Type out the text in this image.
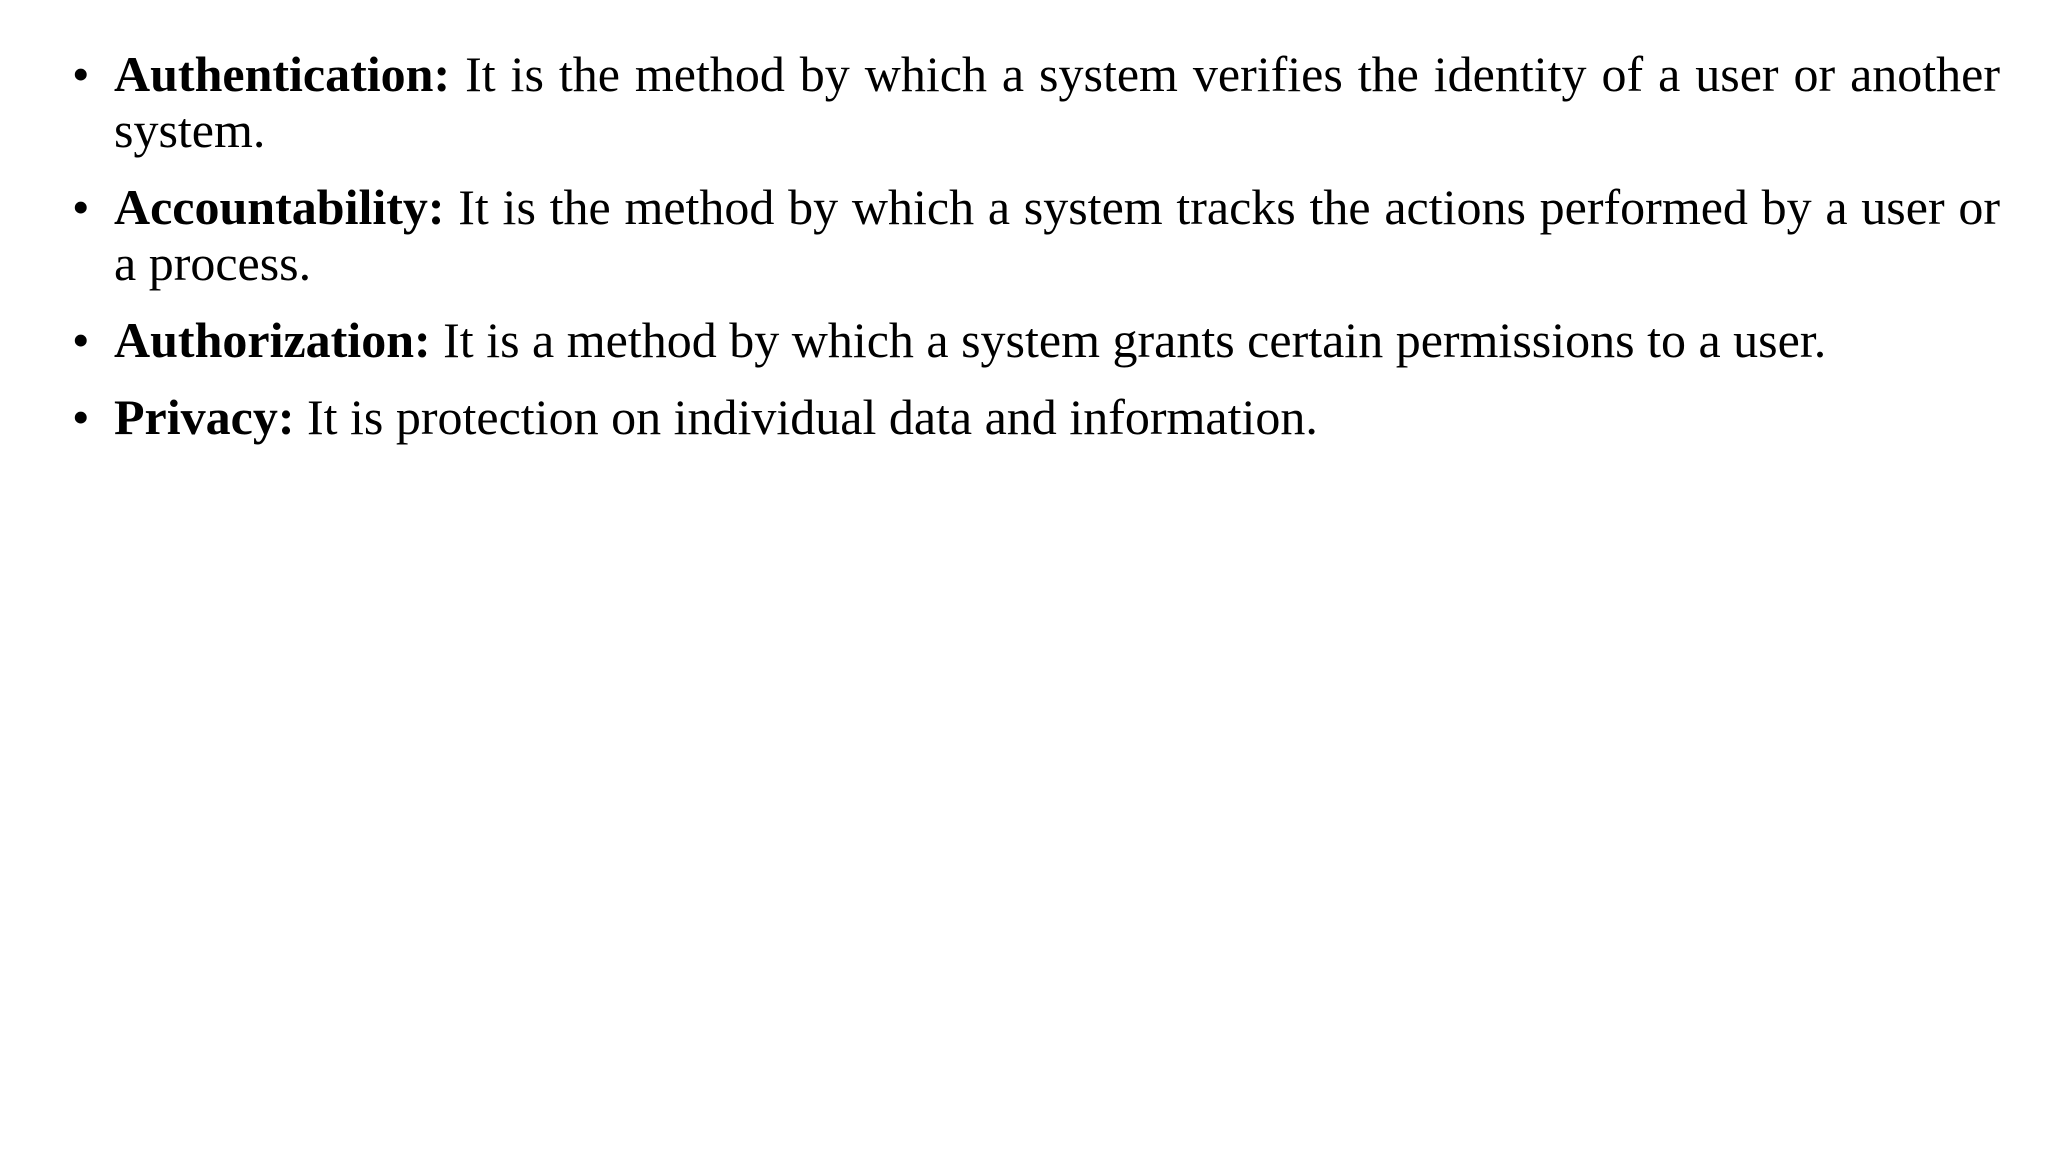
• Authentication: It is the method by which a system verifies the identity of a user or another system.
• Accountability: It is the method by which a system tracks the actions performed by a user or a process.
• Authorization: It is a method by which a system grants certain permissions to a user.
• Privacy: It is protection on individual data and information.
